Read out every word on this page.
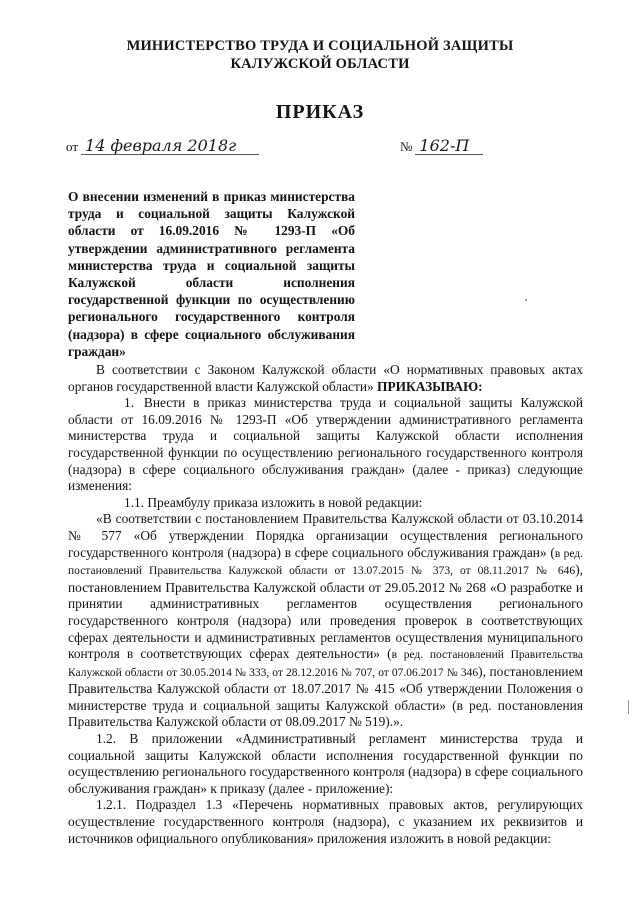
МИНИСТЕРСТВО ТРУДА И СОЦИАЛЬНОЙ ЗАЩИТЫ
КАЛУЖСКОЙ ОБЛАСТИ
ПРИКАЗ
от 14 февраля 2018г	№ 162-П
О внесении изменений в приказ министерства труда и социальной защиты Калужской области от 16.09.2016 № 1293-П «Об утверждении административного регламента министерства труда и социальной защиты Калужской области исполнения государственной функции по осуществлению регионального государственного контроля (надзора) в сфере социального обслуживания граждан»

В соответствии с Законом Калужской области «О нормативных правовых актах органов государственной власти Калужской области» ПРИКАЗЫВАЮ:

1. Внести в приказ министерства труда и социальной защиты Калужской области от 16.09.2016 № 1293-П «Об утверждении административного регламента министерства труда и социальной защиты Калужской области исполнения государственной функции по осуществлению регионального государственного контроля (надзора) в сфере социального обслуживания граждан» (далее - приказ) следующие изменения:

1.1. Преамбулу приказа изложить в новой редакции:

«В соответствии с постановлением Правительства Калужской области от 03.10.2014 № 577 «Об утверждении Порядка организации осуществления регионального государственного контроля (надзора) в сфере социального обслуживания граждан» (в ред. постановлений Правительства Калужской области от 13.07.2015 № 373, от 08.11.2017 № 646), постановлением Правительства Калужской области от 29.05.2012 № 268 «О разработке и принятии административных регламентов осуществления регионального государственного контроля (надзора) или проведения проверок в соответствующих сферах деятельности и административных регламентов осуществления муниципального контроля в соответствующих сферах деятельности» (в ред. постановлений Правительства Калужской области от 30.05.2014 № 333, от 28.12.2016 № 707, от 07.06.2017 № 346), постановлением Правительства Калужской области от 18.07.2017 № 415 «Об утверждении Положения о министерстве труда и социальной защиты Калужской области» (в ред. постановления Правительства Калужской области от 08.09.2017 № 519).».

1.2. В приложении «Административный регламент министерства труда и социальной защиты Калужской области исполнения государственной функции по осуществлению регионального государственного контроля (надзора) в сфере социального обслуживания граждан» к приказу (далее - приложение):

1.2.1. Подраздел 1.3 «Перечень нормативных правовых актов, регулирующих осуществление государственного контроля (надзора), с указанием их реквизитов и источников официального опубликования» приложения изложить в новой редакции:
